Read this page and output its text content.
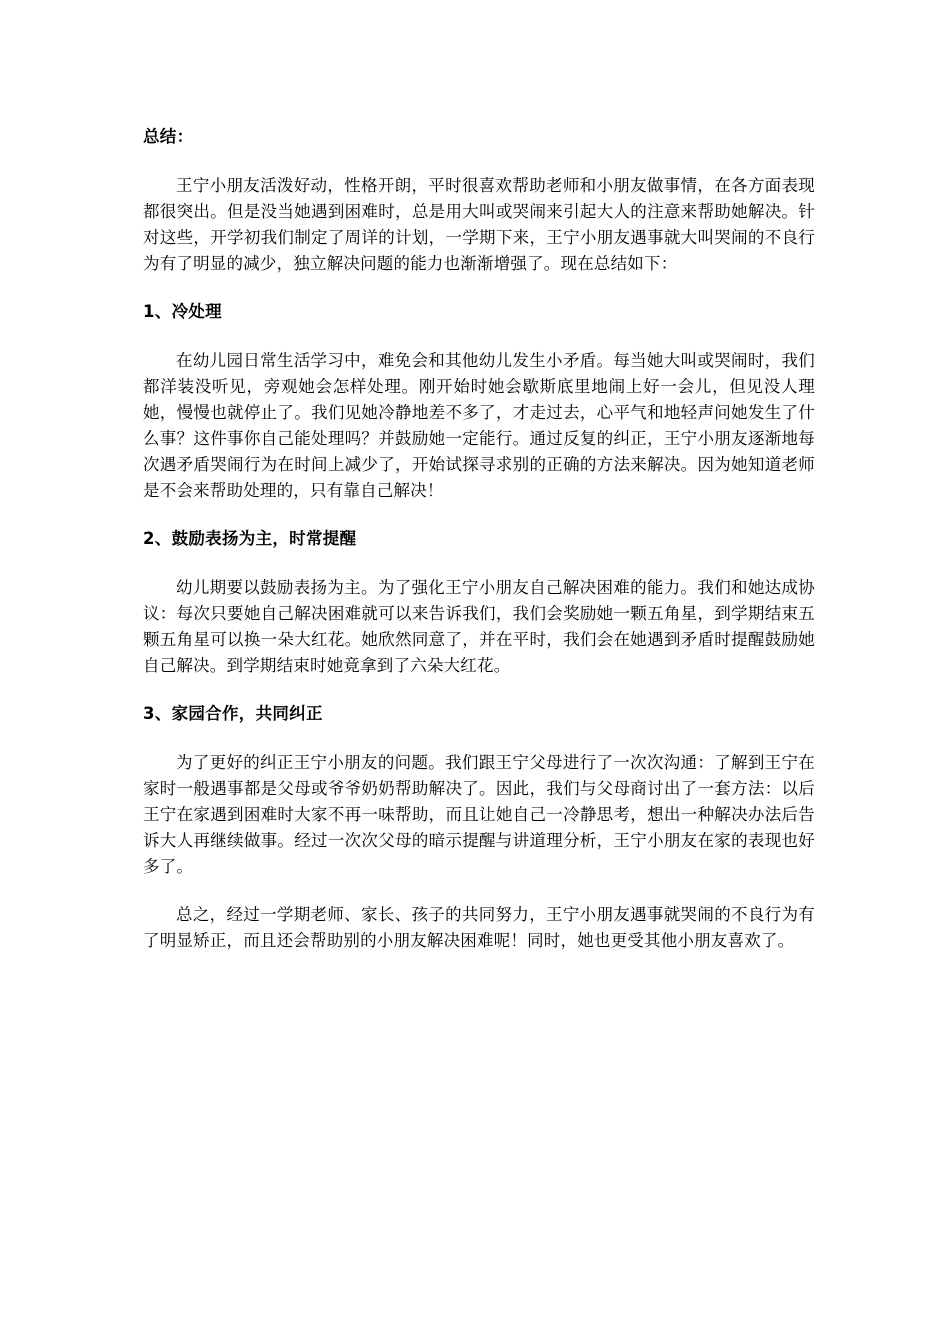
总结：

王宁小朋友活泼好动，性格开朗，平时很喜欢帮助老师和小朋友做事情，在各方面表现都很突出。但是没当她遇到困难时，总是用大叫或哭闹来引起大人的注意来帮助她解决。针对这些，开学初我们制定了周详的计划，一学期下来，王宁小朋友遇事就大叫哭闹的不良行为有了明显的减少，独立解决问题的能力也渐渐增强了。现在总结如下：

1、冷处理

在幼儿园日常生活学习中，难免会和其他幼儿发生小矛盾。每当她大叫或哭闹时，我们都洋装没听见，旁观她会怎样处理。刚开始时她会歇斯底里地闹上好一会儿，但见没人理她，慢慢也就停止了。我们见她冷静地差不多了，才走过去，心平气和地轻声问她发生了什么事？这件事你自己能处理吗？并鼓励她一定能行。通过反复的纠正，王宁小朋友逐渐地每次遇矛盾哭闹行为在时间上减少了，开始试探寻求别的正确的方法来解决。因为她知道老师是不会来帮助处理的，只有靠自己解决！

2、鼓励表扬为主，时常提醒

幼儿期要以鼓励表扬为主。为了强化王宁小朋友自己解决困难的能力。我们和她达成协议：每次只要她自己解决困难就可以来告诉我们，我们会奖励她一颗五角星，到学期结束五颗五角星可以换一朵大红花。她欣然同意了，并在平时，我们会在她遇到矛盾时提醒鼓励她自己解决。到学期结束时她竟拿到了六朵大红花。

3、家园合作，共同纠正

为了更好的纠正王宁小朋友的问题。我们跟王宁父母进行了一次次沟通：了解到王宁在家时一般遇事都是父母或爷爷奶奶帮助解决了。因此，我们与父母商讨出了一套方法：以后王宁在家遇到困难时大家不再一味帮助，而且让她自己一冷静思考，想出一种解决办法后告诉大人再继续做事。经过一次次父母的暗示提醒与讲道理分析，王宁小朋友在家的表现也好多了。

总之，经过一学期老师、家长、孩子的共同努力，王宁小朋友遇事就哭闹的不良行为有了明显矫正，而且还会帮助别的小朋友解决困难呢！同时，她也更受其他小朋友喜欢了。
